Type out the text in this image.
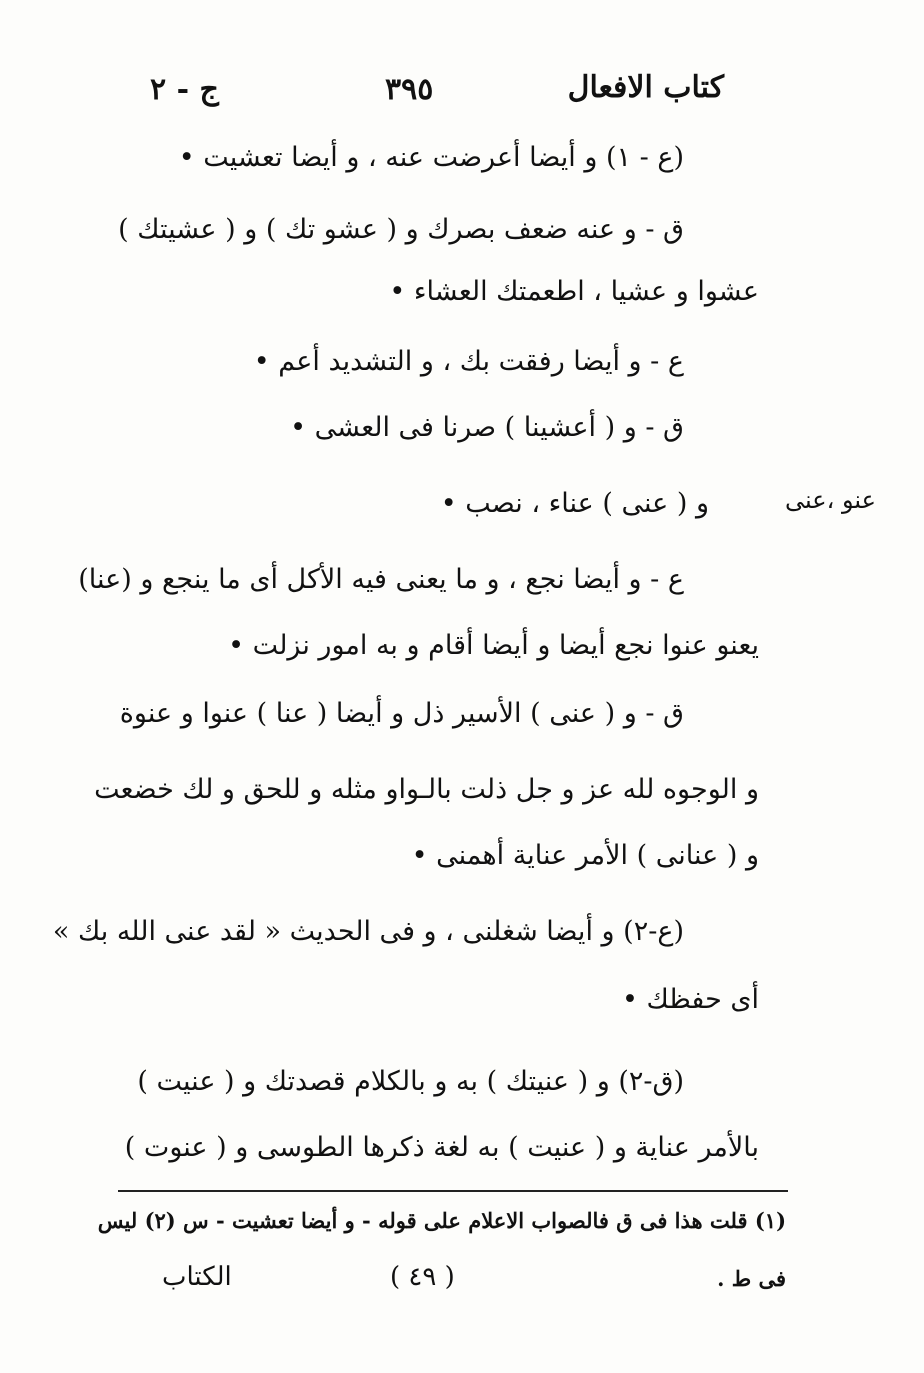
كتاب الافعال
٣٩٥
ج - ٢
عنو ،عنى
(ع - ١) و أيضا أعرضت عنه ، و أيضا تعشيت •
ق - و عنه ضعف بصرك و ( عشو تك ) و ( عشيتك )
عشوا و عشيا ، اطعمتك العشاء •
ع - و أيضا رفقت بك ، و التشديد أعم •
ق - و ( أعشينا ) صرنا فى العشى •
و ( عنى ) عناء ، نصب •
ع - و أيضا نجع ، و ما يعنى فيه الأكل أى ما ينجع و (عنا)
يعنو عنوا نجع أيضا و أيضا أقام و به امور نزلت •
ق - و ( عنى ) الأسير ذل و أيضا ( عنا ) عنوا و عنوة
و الوجوه لله عز و جل ذلت بالـواو مثله و للحق و لك خضعت
و ( عنانى ) الأمر عناية أهمنى •
(ع-٢) و أيضا شغلنى ، و فى الحديث « لقد عنى الله بك »
أى حفظك •
(ق-٢) و ( عنيتك ) به و بالكلام قصدتك و ( عنيت )
بالأمر عناية و ( عنيت ) به لغة ذكرها الطوسى و ( عنوت )
(١) قلت هذا فى ق فالصواب الاعلام على قوله - و أيضا تعشيت - س (٢) ليس
فى ط .
( ٤٩ )
الكتاب
